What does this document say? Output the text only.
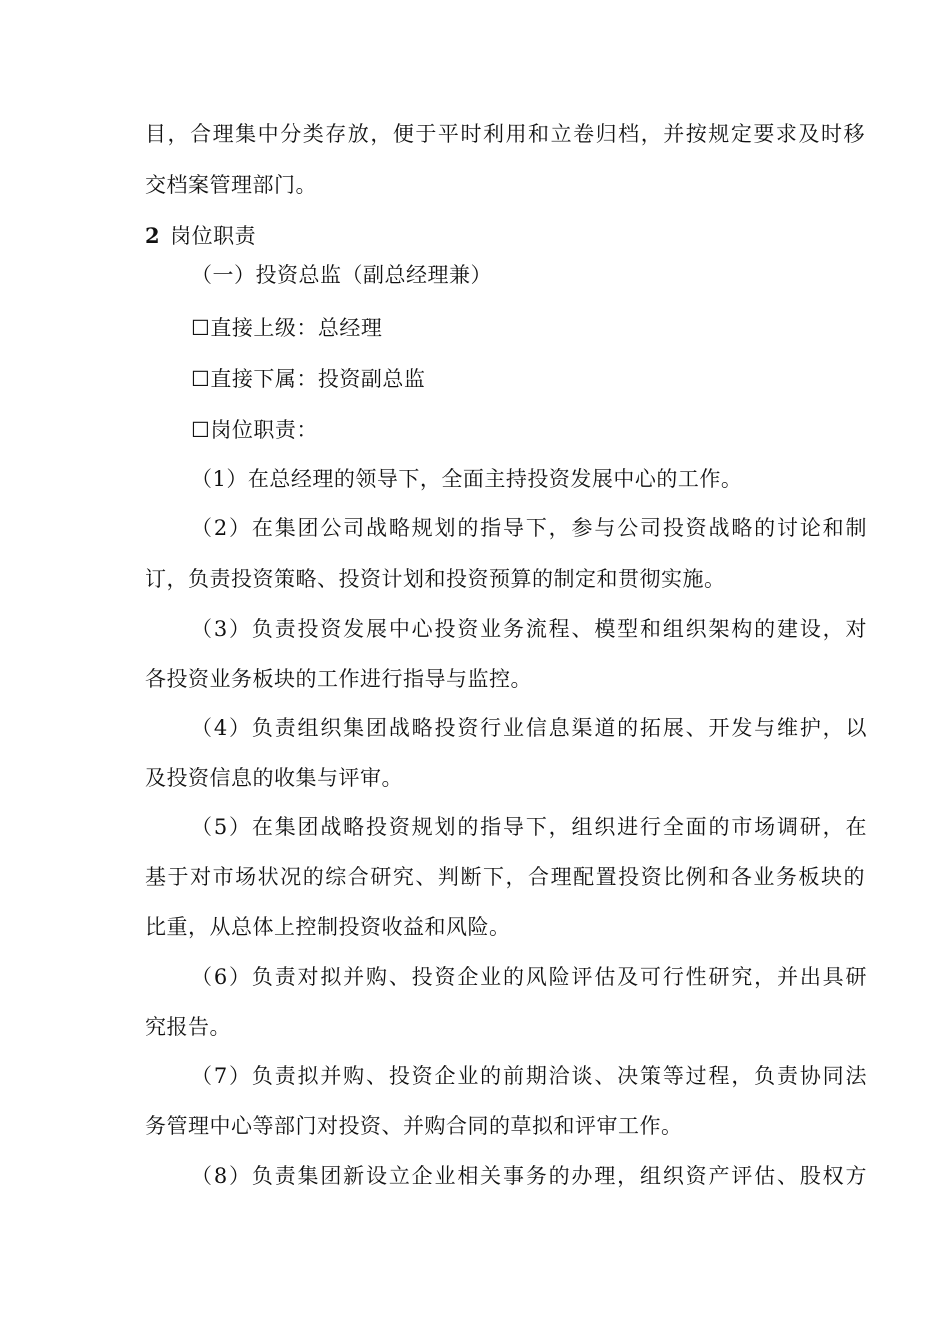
目，合理集中分类存放，便于平时利用和立卷归档，并按规定要求及时移
交档案管理部门。
2 岗位职责
（一）投资总监（副总经理兼）
☐直接上级：总经理
☐直接下属：投资副总监
☐岗位职责：
（1）在总经理的领导下，全面主持投资发展中心的工作。
（2）在集团公司战略规划的指导下，参与公司投资战略的讨论和制
订，负责投资策略、投资计划和投资预算的制定和贯彻实施。
（3）负责投资发展中心投资业务流程、模型和组织架构的建设，对
各投资业务板块的工作进行指导与监控。
（4）负责组织集团战略投资行业信息渠道的拓展、开发与维护，以
及投资信息的收集与评审。
（5）在集团战略投资规划的指导下，组织进行全面的市场调研，在
基于对市场状况的综合研究、判断下，合理配置投资比例和各业务板块的
比重，从总体上控制投资收益和风险。
（6）负责对拟并购、投资企业的风险评估及可行性研究，并出具研
究报告。
（7）负责拟并购、投资企业的前期洽谈、决策等过程，负责协同法
务管理中心等部门对投资、并购合同的草拟和评审工作。
（8）负责集团新设立企业相关事务的办理，组织资产评估、股权方
